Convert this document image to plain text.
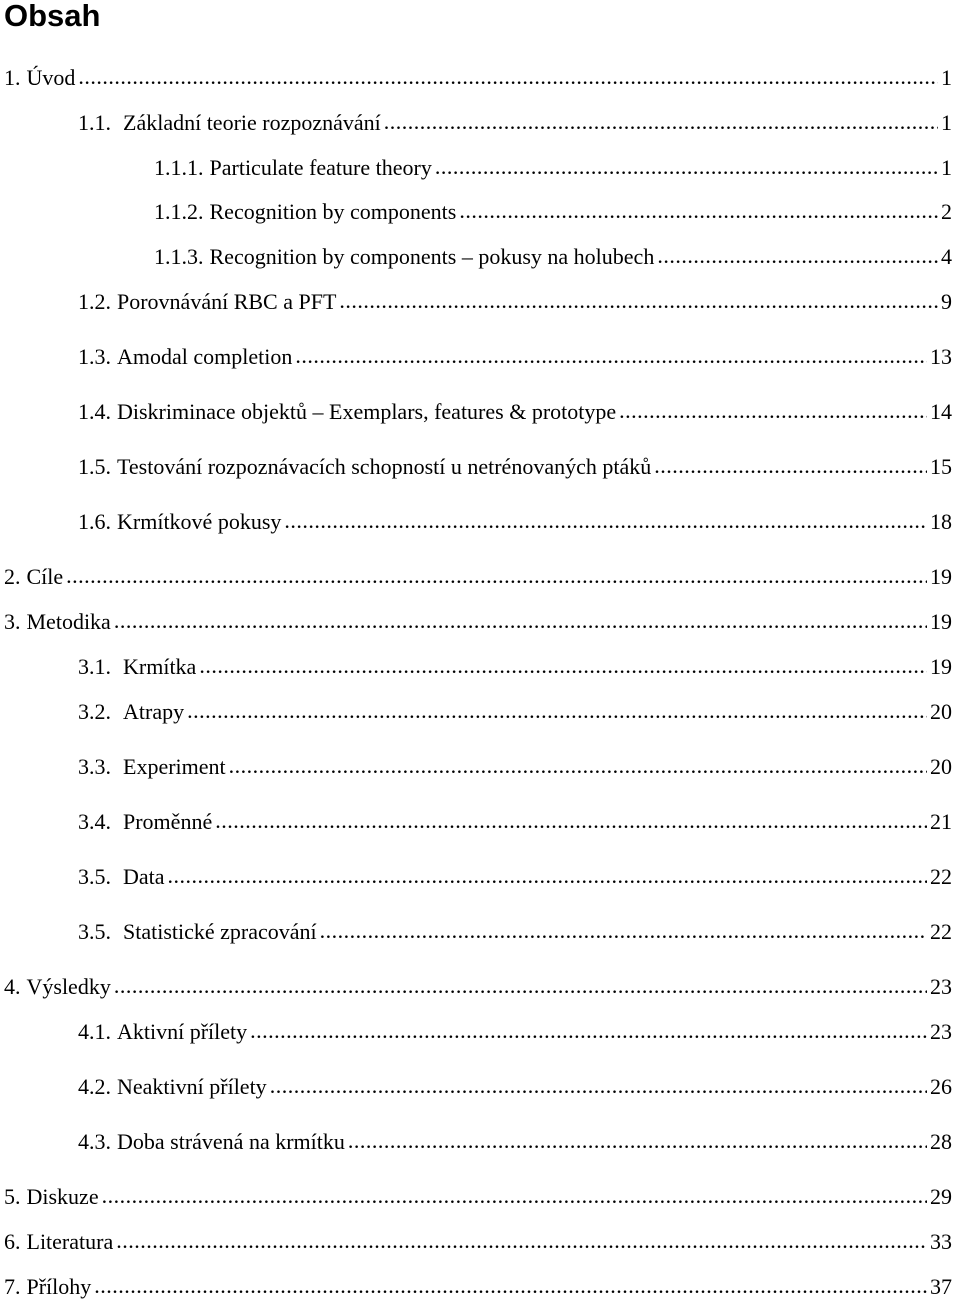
Obsah
1. Úvod .....	1
1.1. Základní teorie rozpoznávání .....	1
1.1.1. Particulate feature theory .....	1
1.1.2. Recognition by components .....	2
1.1.3. Recognition by components – pokusy na holubech .....	4
1.2. Porovnávání RBC a PFT .....	9
1.3. Amodal completion .....	13
1.4. Diskriminace objektů – Exemplars, features & prototype .....	14
1.5. Testování rozpoznávacích schopností u netrénovaných ptáků .....	15
1.6. Krmítkové pokusy .....	18
2. Cíle .....	19
3. Metodika .....	19
3.1. Krmítka .....	19
3.2. Atrapy .....	20
3.3. Experiment .....	20
3.4. Proměnné .....	21
3.5. Data .....	22
3.5. Statistické zpracování .....	22
4. Výsledky .....	23
4.1. Aktivní přílety .....	23
4.2. Neaktivní přílety .....	26
4.3. Doba strávená na krmítku .....	28
5. Diskuze .....	29
6. Literatura .....	33
7. Přílohy .....	37
